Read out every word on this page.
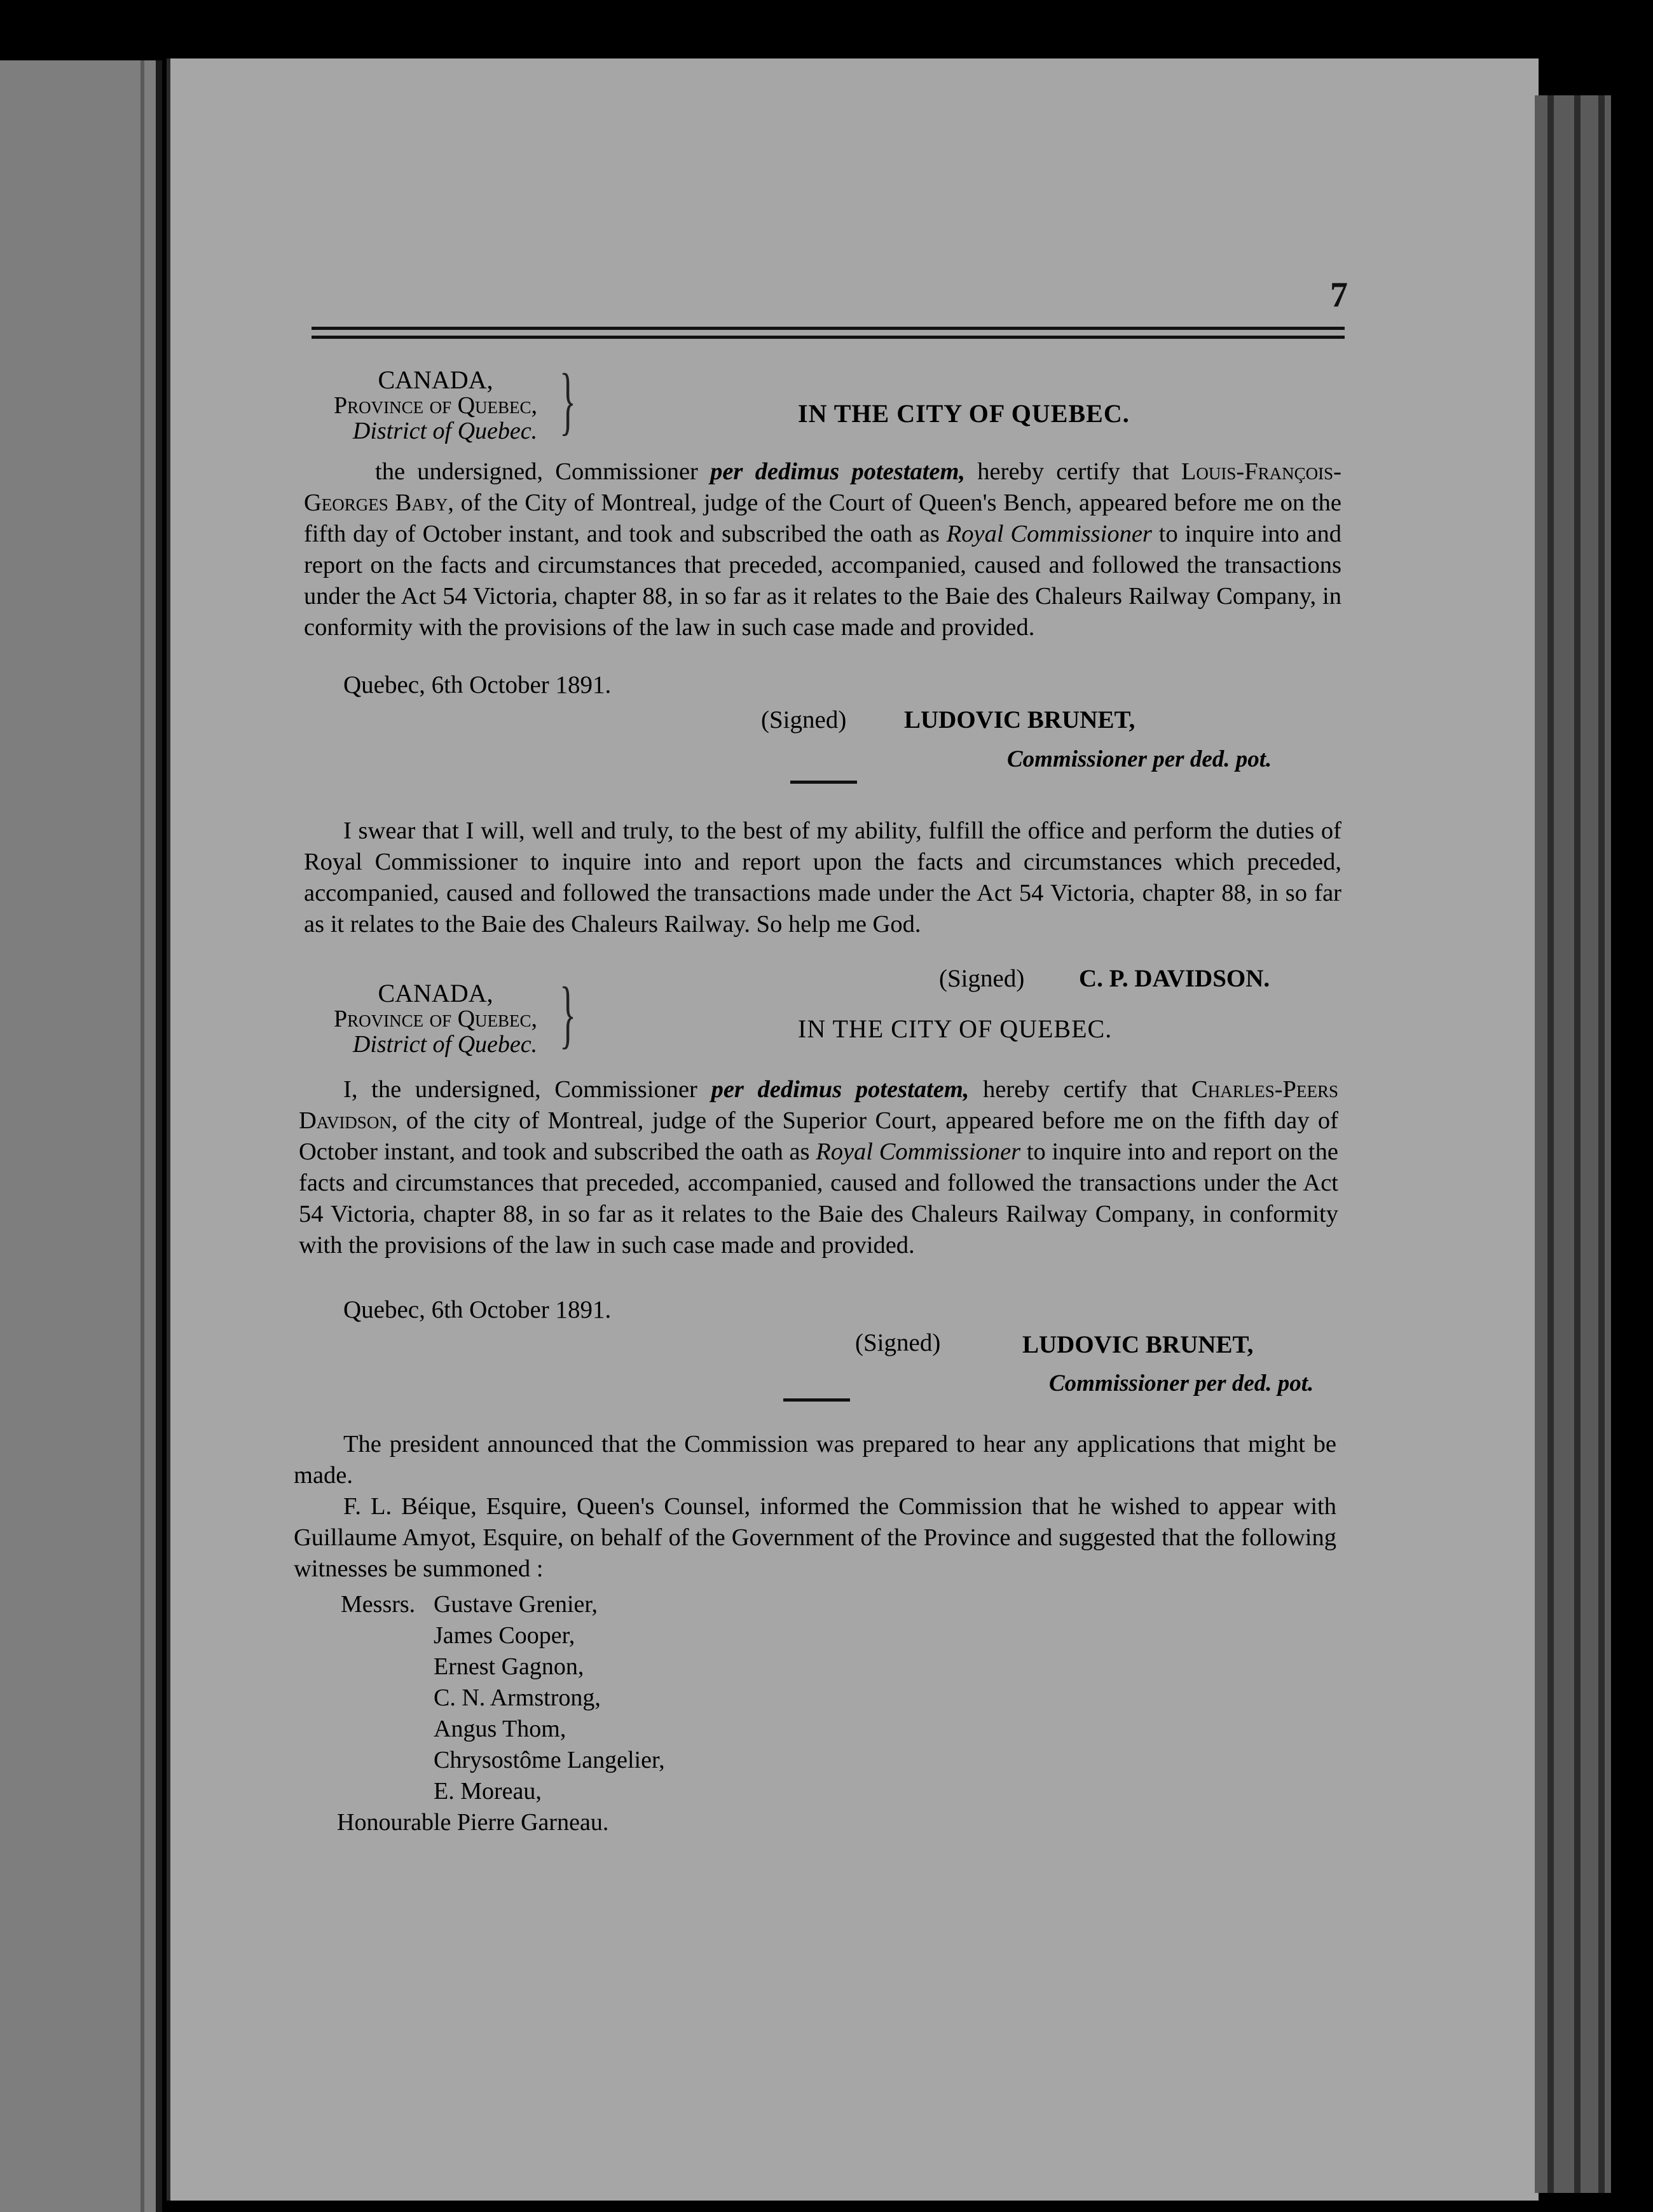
7
CANADA,
Province of Quebec,
District of Quebec. }	IN THE CITY OF QUEBEC.
the undersigned, Commissioner per dedimus potestatem, hereby certify that Louis-François-Georges Baby, of the City of Montreal, judge of the Court of Queen's Bench, appeared before me on the fifth day of October instant, and took and subscribed the oath as Royal Commissioner to inquire into and report on the facts and circumstances that preceded, accompanied, caused and followed the transactions under the Act 54 Victoria, chapter 88, in so far as it relates to the Baie des Chaleurs Railway Company, in conformity with the provisions of the law in such case made and provided.
Quebec, 6th October 1891.
(Signed) LUDOVIC BRUNET,
Commissioner per ded. pot.
I swear that I will, well and truly, to the best of my ability, fulfill the office and perform the duties of Royal Commissioner to inquire into and report upon the facts and circumstances which preceded, accompanied, caused and followed the transactions made under the Act 54 Victoria, chapter 88, in so far as it relates to the Baie des Chaleurs Railway. So help me God.
(Signed) C. P. DAVIDSON.
CANADA,
Province of Quebec,
District of Quebec. }	IN THE CITY OF QUEBEC.
I, the undersigned, Commissioner per dedimus potestatem, hereby certify that Charles-Peers Davidson, of the city of Montreal, judge of the Superior Court, appeared before me on the fifth day of October instant, and took and subscribed the oath as Royal Commissioner to inquire into and report on the facts and circumstances that preceded, accompanied, caused and followed the transactions under the Act 54 Victoria, chapter 88, in so far as it relates to the Baie des Chaleurs Railway Company, in conformity with the provisions of the law in such case made and provided.
Quebec, 6th October 1891.
(Signed)	LUDOVIC BRUNET,
Commissioner per ded. pot.
The president announced that the Commission was prepared to hear any applications that might be made.
F. L. Béique, Esquire, Queen's Counsel, informed the Commission that he wished to appear with Guillaume Amyot, Esquire, on behalf of the Government of the Province and suggested that the following witnesses be summoned :
Messrs. Gustave Grenier,
James Cooper,
Ernest Gagnon,
C. N. Armstrong,
Angus Thom,
Chrysostôme Langelier,
E. Moreau,
Honourable Pierre Garneau.
